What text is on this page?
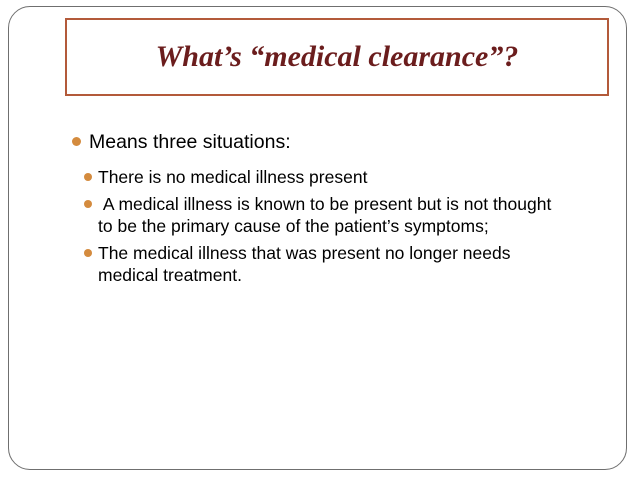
What’s “medical clearance”?
Means three situations:
There is no medical illness present
A medical illness is known to be present but is not thought to be the primary cause of the patient’s symptoms;
The medical illness that was present no longer needs medical treatment.
